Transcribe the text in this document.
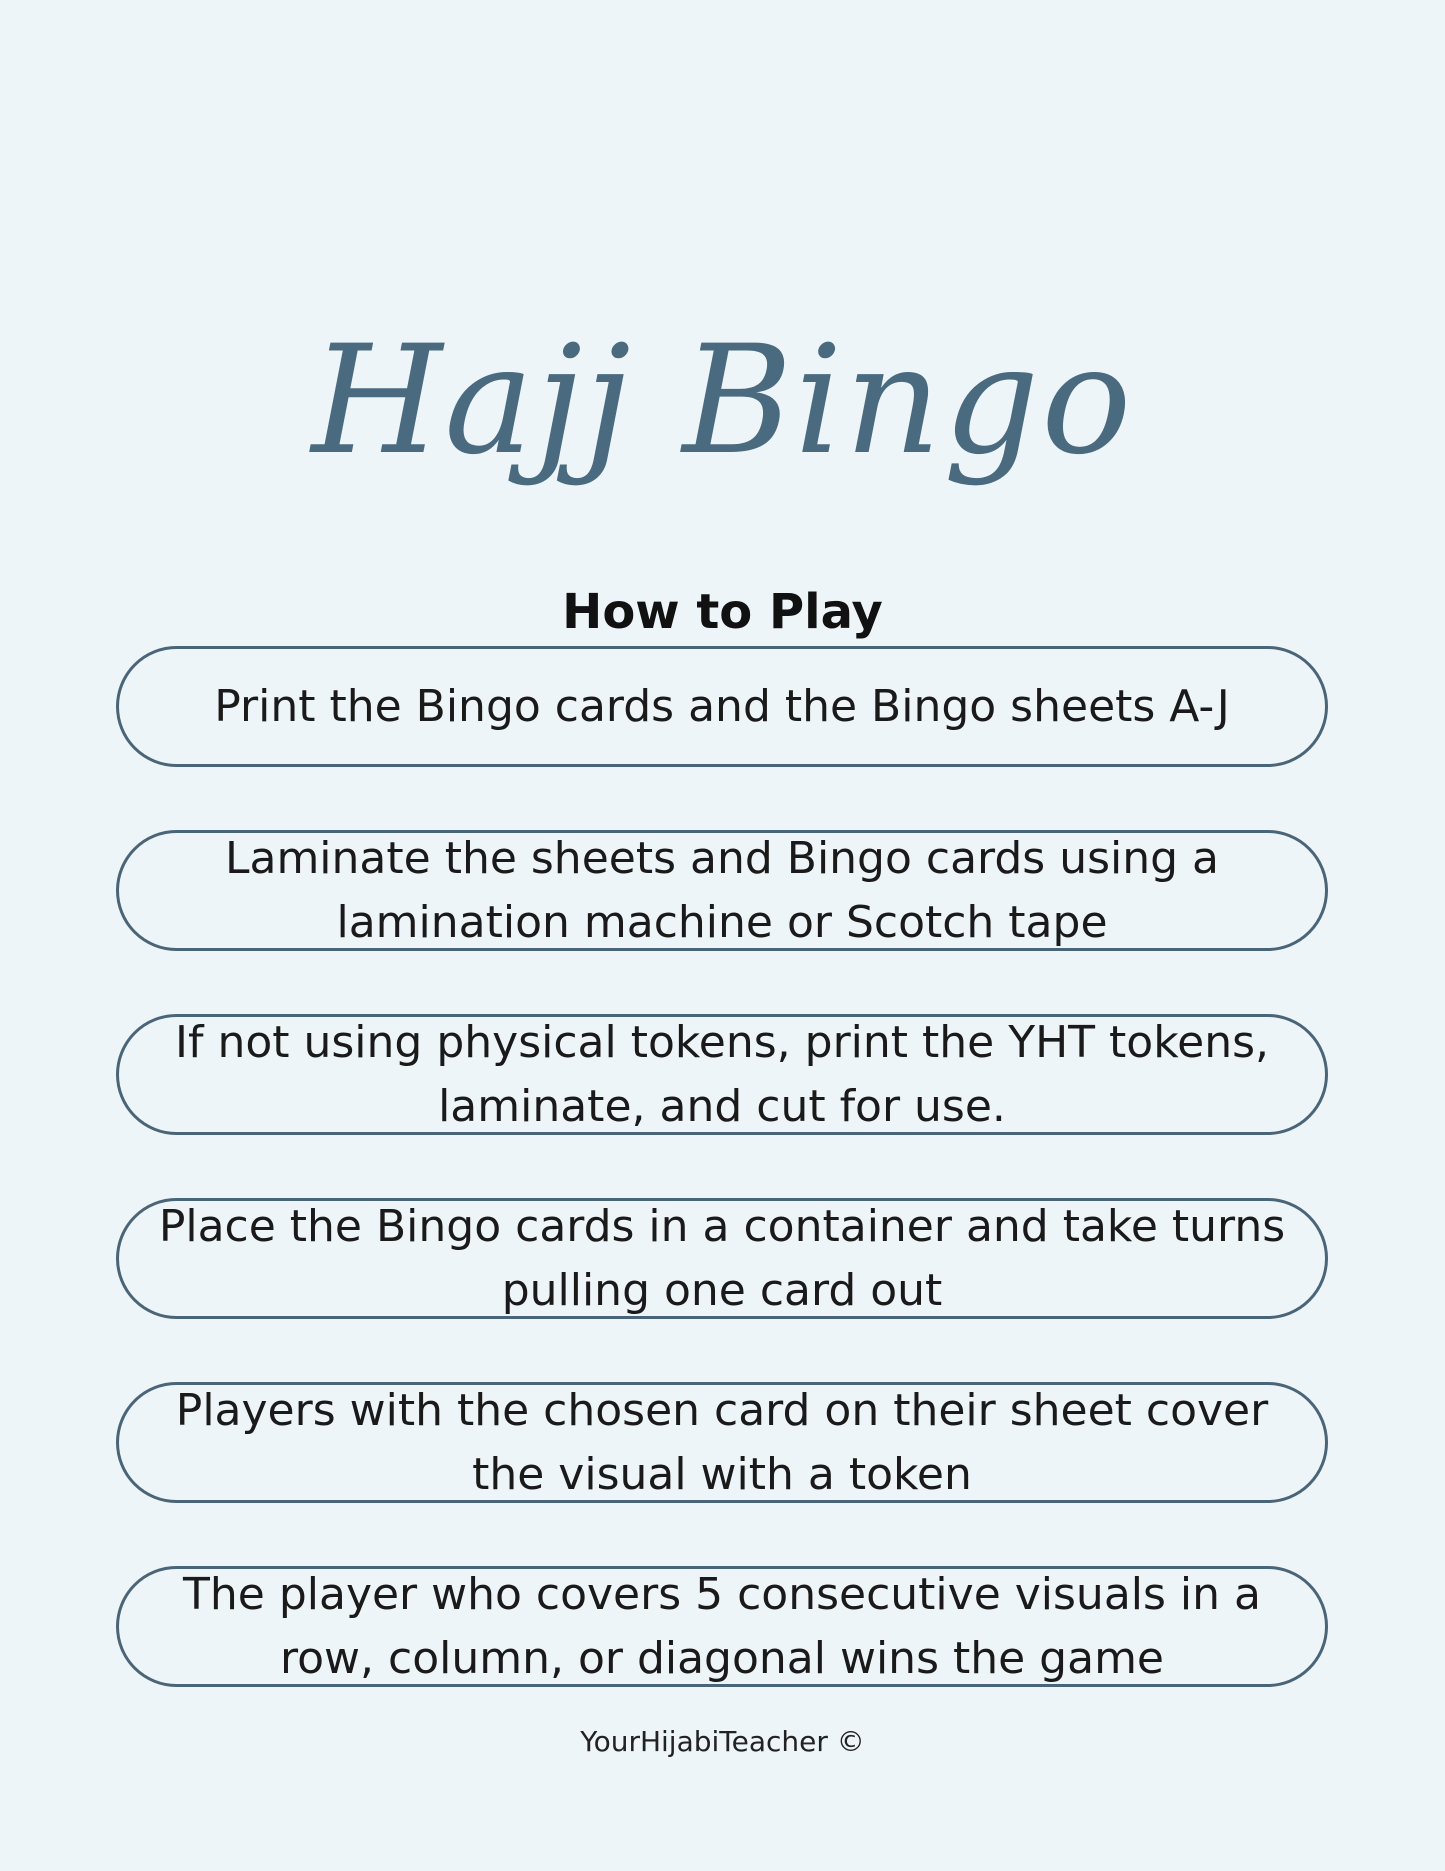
Hajj Bingo
How to Play
Print the Bingo cards and the Bingo sheets A-J
Laminate the sheets and Bingo cards using a lamination machine or Scotch tape
If not using physical tokens, print the YHT tokens, laminate, and cut for use.
Place the Bingo cards in a container and take turns pulling one card out
Players with the chosen card on their sheet cover the visual with a token
The player who covers 5 consecutive visuals in a row, column, or diagonal wins the game
YourHijabiTeacher ©
